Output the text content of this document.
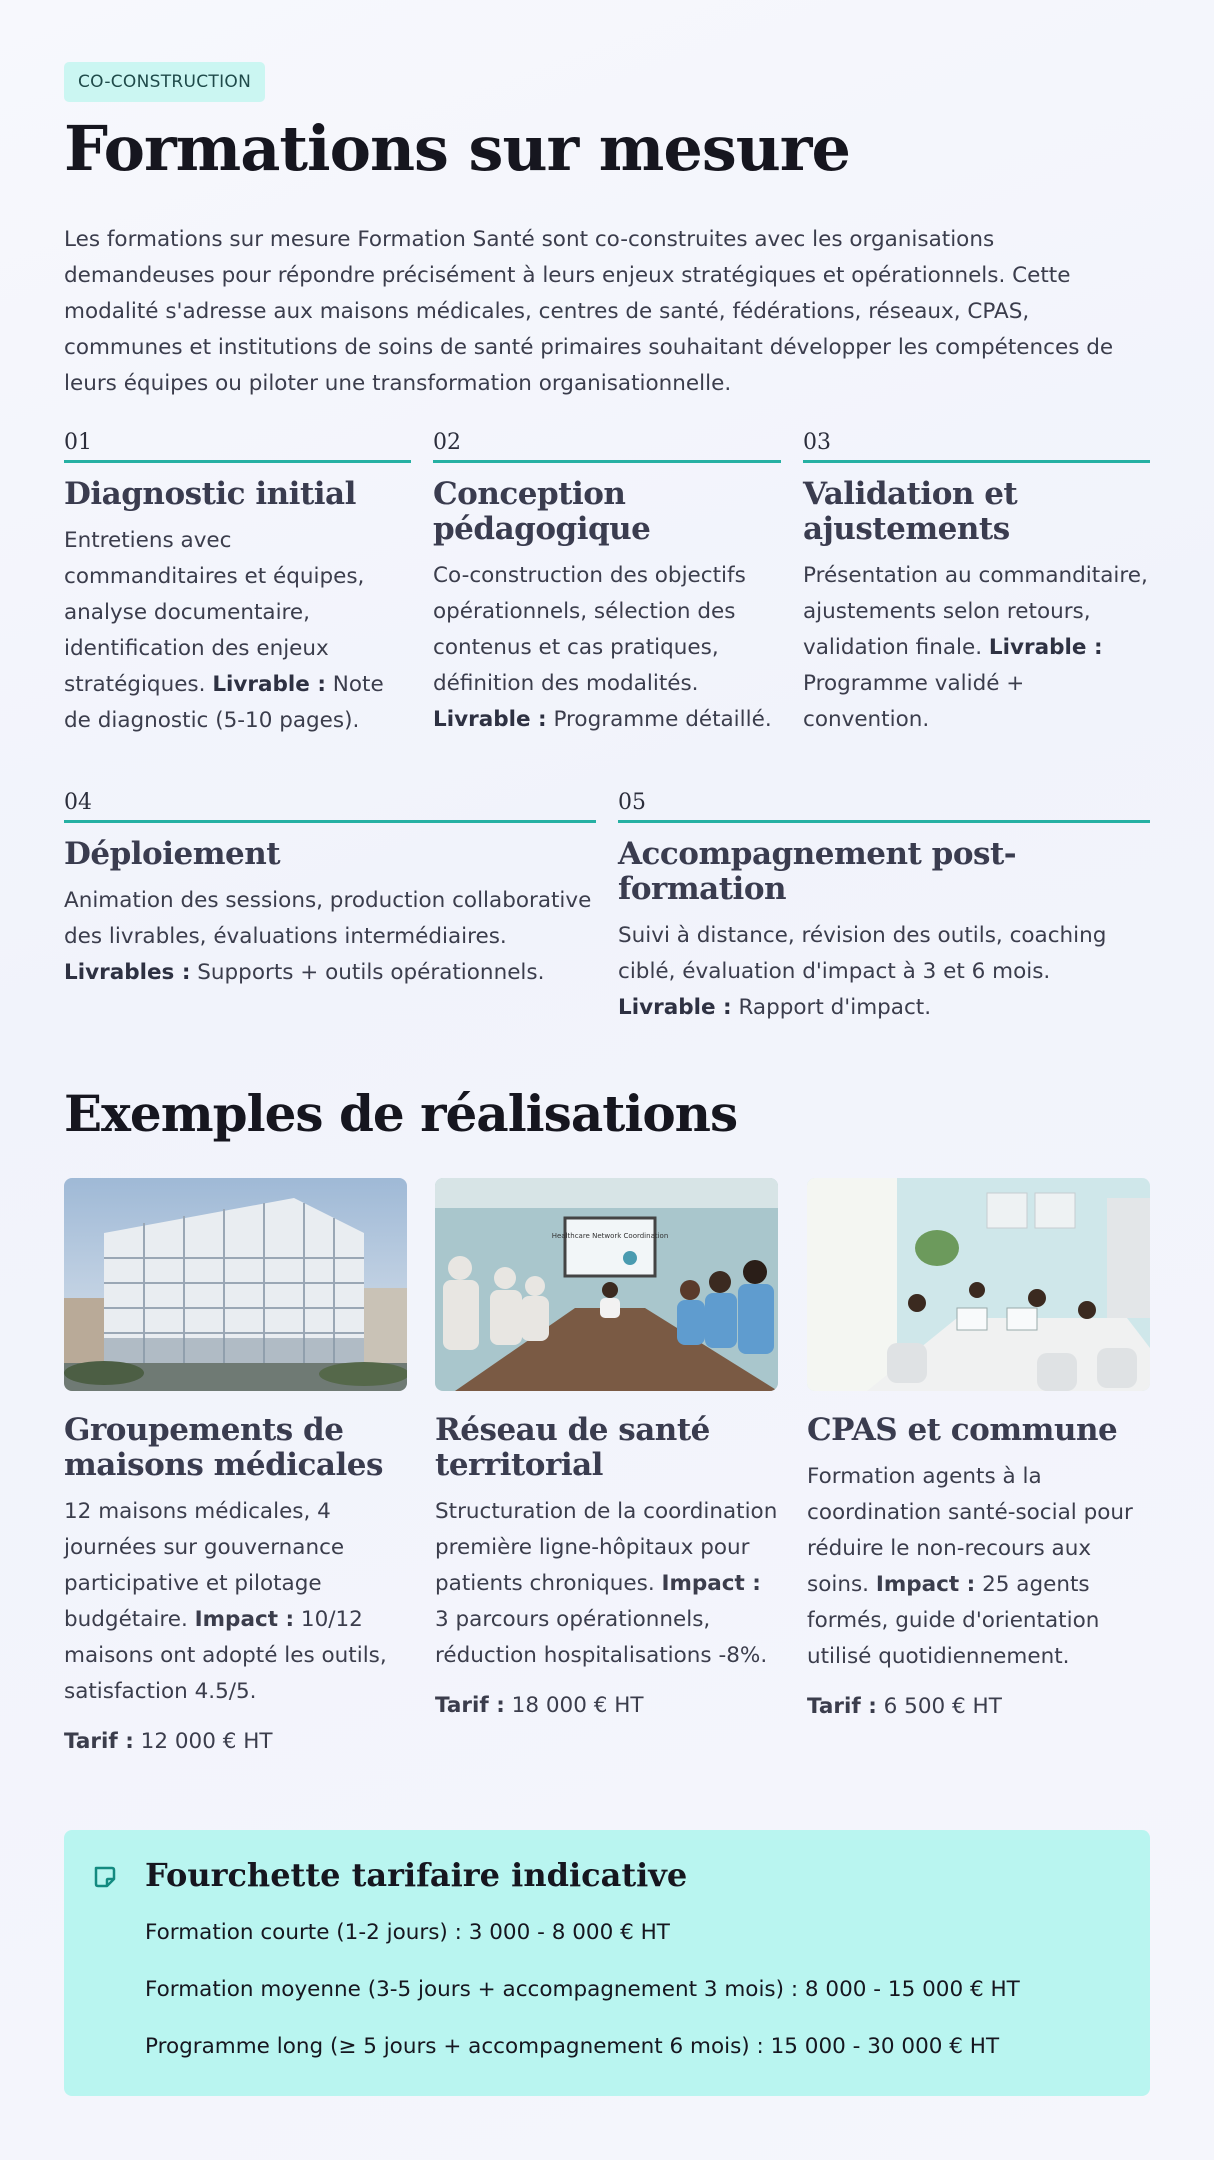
CO-CONSTRUCTION
Formations sur mesure

Les formations sur mesure Formation Santé sont co-construites avec les organisations demandeuses pour répondre précisément à leurs enjeux stratégiques et opérationnels. Cette modalité s'adresse aux maisons médicales, centres de santé, fédérations, réseaux, CPAS, communes et institutions de soins de santé primaires souhaitant développer les compétences de leurs équipes ou piloter une transformation organisationnelle.

01
Diagnostic initial
Entretiens avec commanditaires et équipes, analyse documentaire, identification des enjeux stratégiques. Livrable : Note de diagnostic (5-10 pages).
02
Conception pédagogique
Co-construction des objectifs opérationnels, sélection des contenus et cas pratiques, définition des modalités. Livrable : Programme détaillé.
03
Validation et ajustements
Présentation au commanditaire, ajustements selon retours, validation finale. Livrable : Programme validé + convention.
04
Déploiement
Animation des sessions, production collaborative des livrables, évaluations intermédiaires. Livrables : Supports + outils opérationnels.
05
Accompagnement post-formation
Suivi à distance, révision des outils, coaching ciblé, évaluation d'impact à 3 et 6 mois. Livrable : Rapport d'impact.
Exemples de réalisations
Groupements de maisons médicales
12 maisons médicales, 4 journées sur gouvernance participative et pilotage budgétaire. Impact : 10/12 maisons ont adopté les outils, satisfaction 4.5/5.
Tarif : 12 000 € HT
Healthcare Network Coordination
Réseau de santé territorial
Structuration de la coordination première ligne-hôpitaux pour patients chroniques. Impact : 3 parcours opérationnels, réduction hospitalisations -8%.
Tarif : 18 000 € HT
CPAS et commune
Formation agents à la coordination santé-social pour réduire le non-recours aux soins. Impact : 25 agents formés, guide d'orientation utilisé quotidiennement.
Tarif : 6 500 € HT
Fourchette tarifaire indicative
Formation courte (1-2 jours) : 3 000 - 8 000 € HT
Formation moyenne (3-5 jours + accompagnement 3 mois) : 8 000 - 15 000 € HT
Programme long (≥ 5 jours + accompagnement 6 mois) : 15 000 - 30 000 € HT
